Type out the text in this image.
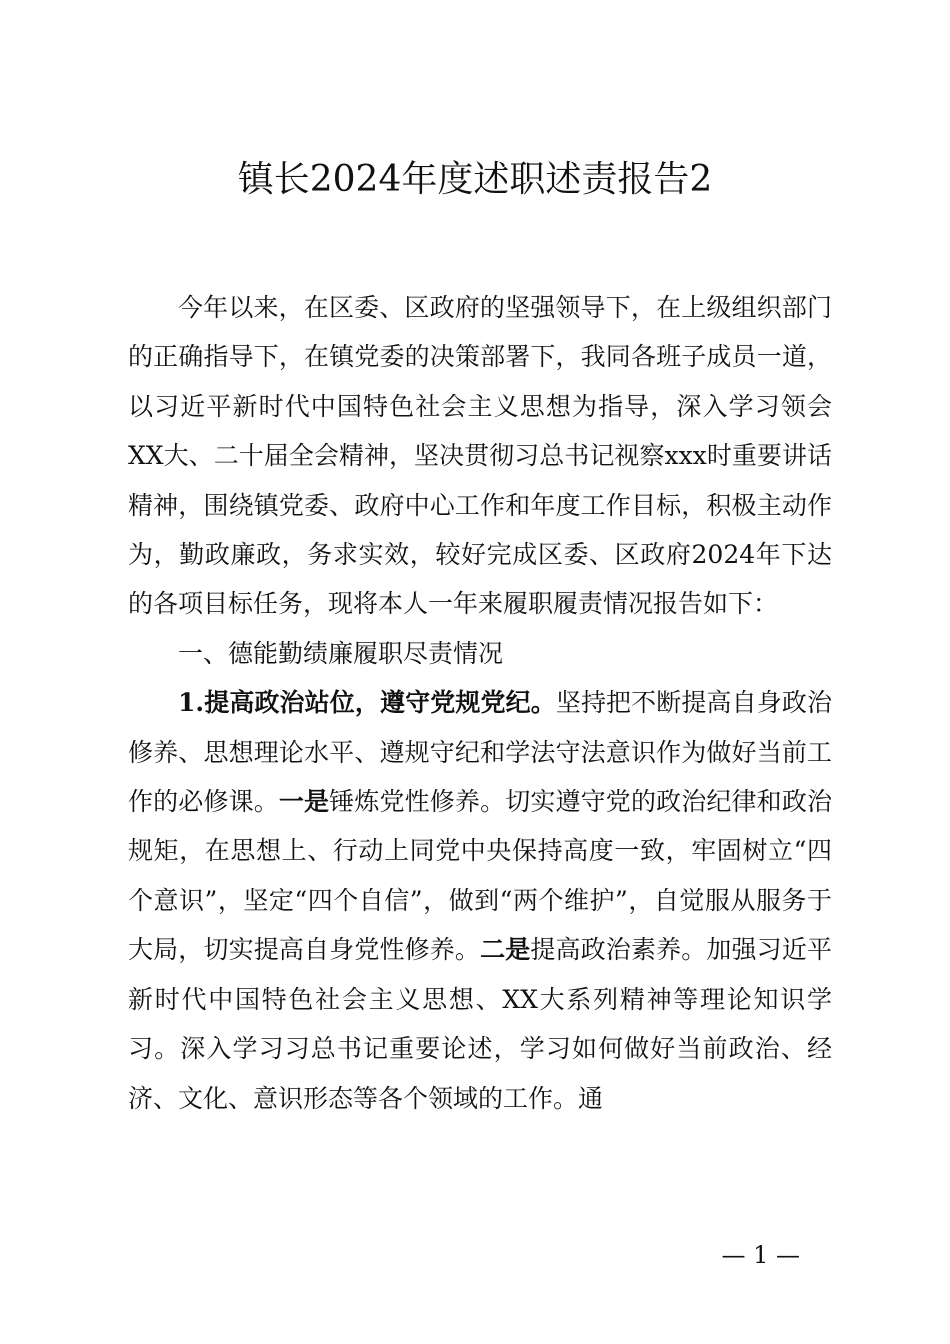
镇长2024年度述职述责报告2

今年以来，在区委、区政府的坚强领导下，在上级组织部门的正确指导下，在镇党委的决策部署下，我同各班子成员一道，以习近平新时代中国特色社会主义思想为指导，深入学习领会XX大、二十届全会精神，坚决贯彻习总书记视察xxx时重要讲话精神，围绕镇党委、政府中心工作和年度工作目标，积极主动作为，勤政廉政，务求实效，较好完成区委、区政府2024年下达的各项目标任务，现将本人一年来履职履责情况报告如下：

一、德能勤绩廉履职尽责情况

1.提高政治站位，遵守党规党纪。坚持把不断提高自身政治修养、思想理论水平、遵规守纪和学法守法意识作为做好当前工作的必修课。一是锤炼党性修养。切实遵守党的政治纪律和政治规矩，在思想上、行动上同党中央保持高度一致，牢固树立“四个意识”，坚定“四个自信”，做到“两个维护”，自觉服从服务于大局，切实提高自身党性修养。二是提高政治素养。加强习近平新时代中国特色社会主义思想、XX大系列精神等理论知识学习。深入学习习总书记重要论述，学习如何做好当前政治、经济、文化、意识形态等各个领域的工作。通

— 1 —
